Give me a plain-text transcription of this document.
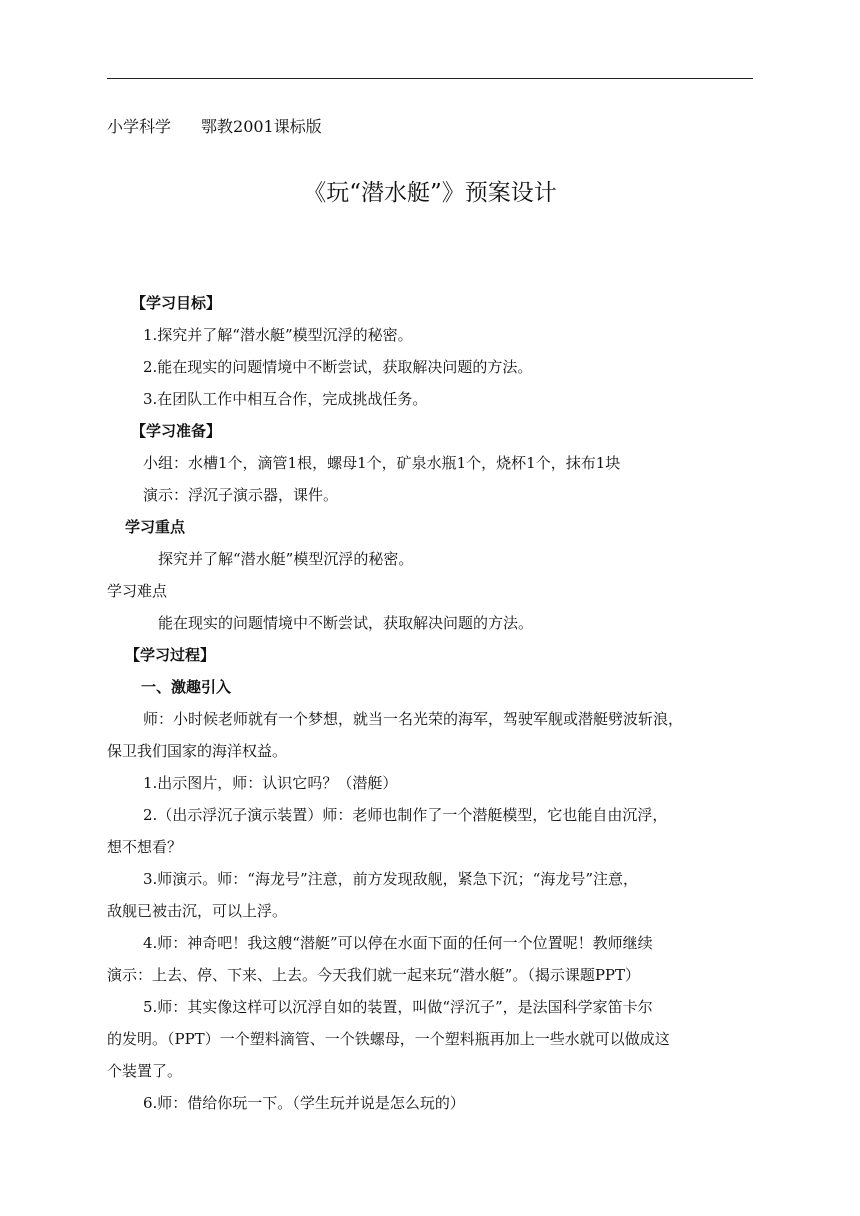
小学科学 鄂教2001课标版
《玩“潜水艇”》预案设计
【学习目标】
1.探究并了解“潜水艇”模型沉浮的秘密。
2.能在现实的问题情境中不断尝试，获取解决问题的方法。
3.在团队工作中相互合作，完成挑战任务。
【学习准备】
小组：水槽1个，滴管1根，螺母1个，矿泉水瓶1个，烧杯1个，抹布1块
演示：浮沉子演示器，课件。
学习重点
探究并了解“潜水艇”模型沉浮的秘密。
学习难点
能在现实的问题情境中不断尝试，获取解决问题的方法。
【学习过程】
一、激趣引入
师：小时候老师就有一个梦想，就当一名光荣的海军，驾驶军舰或潜艇劈波斩浪，
保卫我们国家的海洋权益。
1.出示图片，师：认识它吗？（潜艇）
2.（出示浮沉子演示装置）师：老师也制作了一个潜艇模型，它也能自由沉浮，
想不想看？
3.师演示。师：“海龙号”注意，前方发现敌舰，紧急下沉；“海龙号”注意，
敌舰已被击沉，可以上浮。
4.师：神奇吧！我这艘“潜艇”可以停在水面下面的任何一个位置呢！教师继续
演示：上去、停、下来、上去。今天我们就一起来玩“潜水艇”。（揭示课题PPT）
5.师：其实像这样可以沉浮自如的装置，叫做“浮沉子”，是法国科学家笛卡尔
的发明。（PPT）一个塑料滴管、一个铁螺母，一个塑料瓶再加上一些水就可以做成这
个装置了。
6.师：借给你玩一下。（学生玩并说是怎么玩的）
